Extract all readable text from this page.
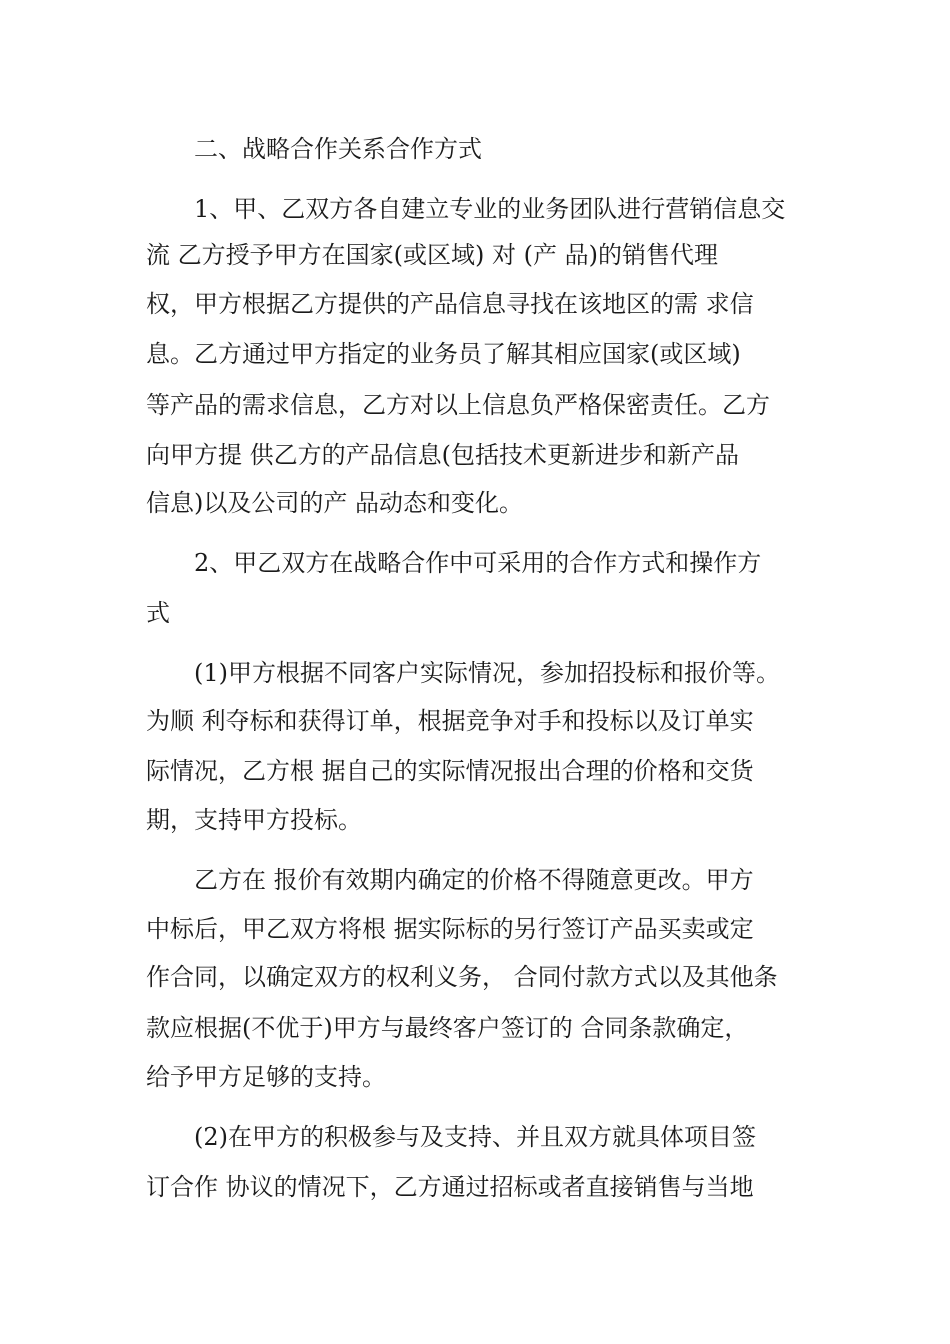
二、战略合作关系合作方式

1、甲、乙双方各自建立专业的业务团队进行营销信息交

流 乙方授予甲方在国家(或区域) 对 (产 品)的销售代理

权，甲方根据乙方提供的产品信息寻找在该地区的需 求信

息。乙方通过甲方指定的业务员了解其相应国家(或区域)

等产品的需求信息，乙方对以上信息负严格保密责任。乙方

向甲方提 供乙方的产品信息(包括技术更新进步和新产品

信息)以及公司的产 品动态和变化。

2、甲乙双方在战略合作中可采用的合作方式和操作方

式

(1)甲方根据不同客户实际情况，参加招投标和报价等。

为顺 利夺标和获得订单，根据竞争对手和投标以及订单实

际情况，乙方根 据自己的实际情况报出合理的价格和交货

期，支持甲方投标。

乙方在 报价有效期内确定的价格不得随意更改。甲方

中标后，甲乙双方将根 据实际标的另行签订产品买卖或定

作合同，以确定双方的权利义务， 合同付款方式以及其他条

款应根据(不优于)甲方与最终客户签订的 合同条款确定，

给予甲方足够的支持。

(2)在甲方的积极参与及支持、并且双方就具体项目签

订合作 协议的情况下，乙方通过招标或者直接销售与当地
